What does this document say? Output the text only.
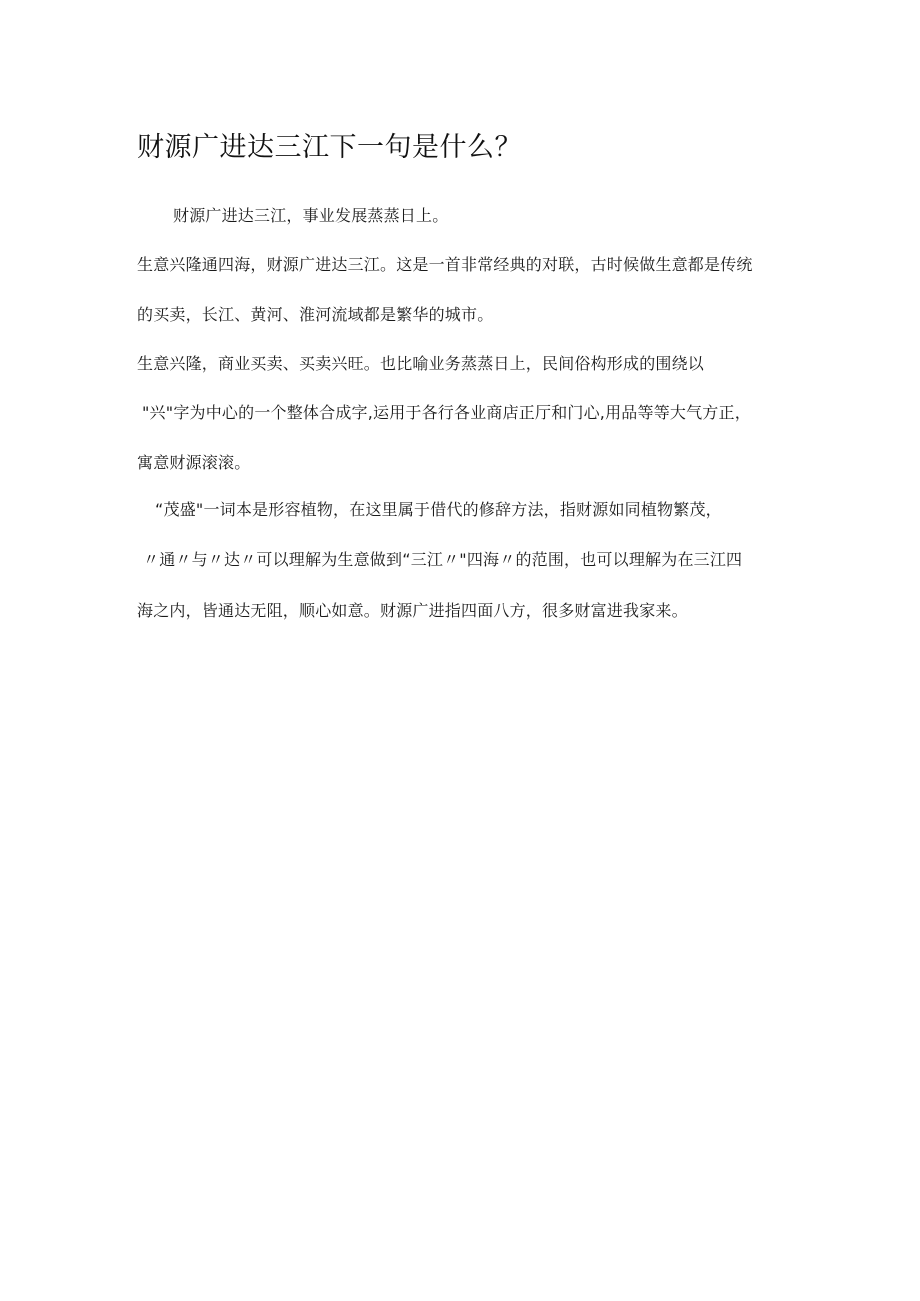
财源广进达三江下一句是什么？

财源广进达三江，事业发展蒸蒸日上。

生意兴隆通四海，财源广进达三江。这是一首非常经典的对联，古时候做生意都是传统

的买卖，长江、黄河、淮河流域都是繁华的城市。

生意兴隆，商业买卖、买卖兴旺。也比喻业务蒸蒸日上，民间俗构形成的围绕以

"兴"字为中心的一个整体合成字,运用于各行各业商店正厅和门心,用品等等大气方正，

寓意财源滚滚。

“茂盛"一词本是形容植物，在这里属于借代的修辞方法，指财源如同植物繁茂，

〃通〃与〃达〃可以理解为生意做到“三江〃"四海〃的范围，也可以理解为在三江四

海之内，皆通达无阻，顺心如意。财源广进指四面八方，很多财富进我家来。
